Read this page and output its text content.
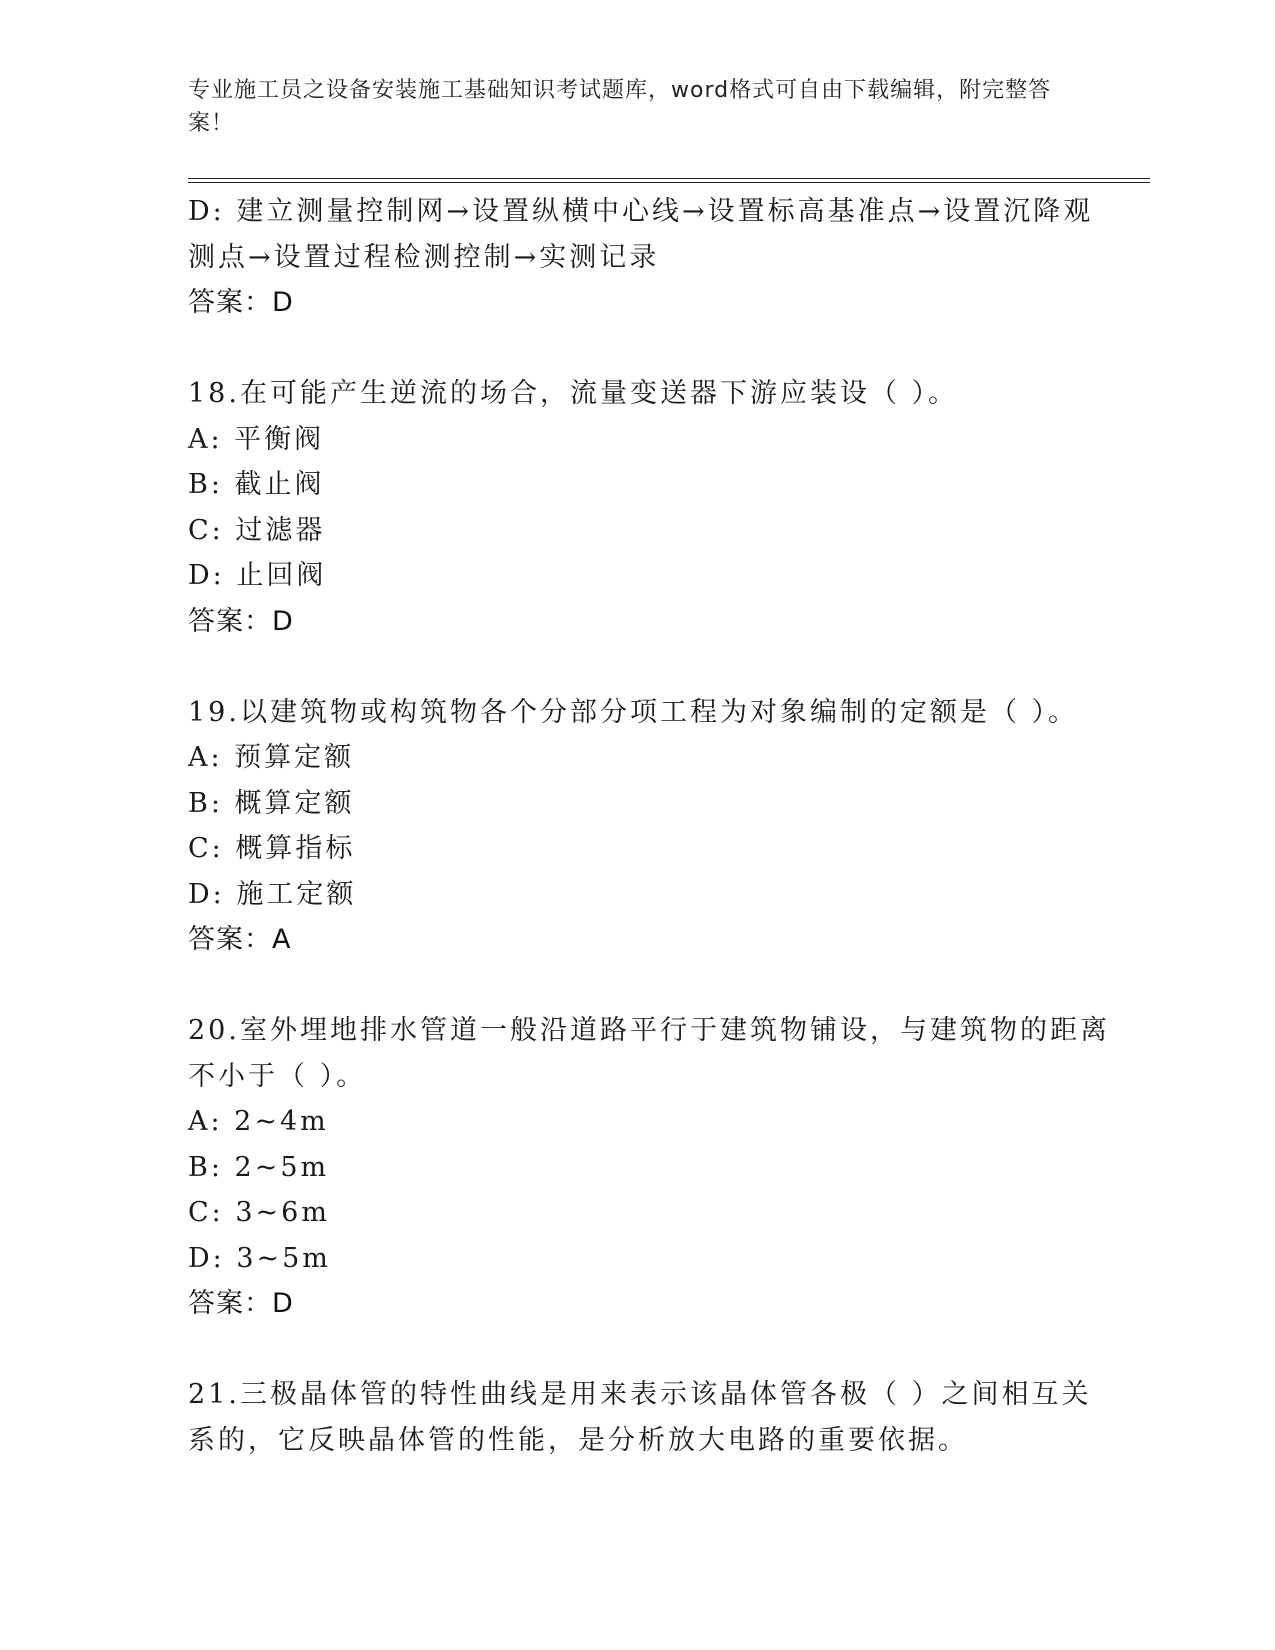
专业施工员之设备安装施工基础知识考试题库，word格式可自由下载编辑，附完整答案！
D: 建立测量控制网→设置纵横中心线→设置标高基准点→设置沉降观
测点→设置过程检测控制→实测记录
答案：D
18.在可能产生逆流的场合，流量变送器下游应装设（ ）。
A: 平衡阀
B: 截止阀
C: 过滤器
D: 止回阀
答案：D
19.以建筑物或构筑物各个分部分项工程为对象编制的定额是（ ）。
A: 预算定额
B: 概算定额
C: 概算指标
D: 施工定额
答案：A
20.室外埋地排水管道一般沿道路平行于建筑物铺设，与建筑物的距离
不小于（ ）。
A: 2~4m
B: 2~5m
C: 3~6m
D: 3~5m
答案：D
21.三极晶体管的特性曲线是用来表示该晶体管各极（ ）之间相互关
系的，它反映晶体管的性能，是分析放大电路的重要依据。
